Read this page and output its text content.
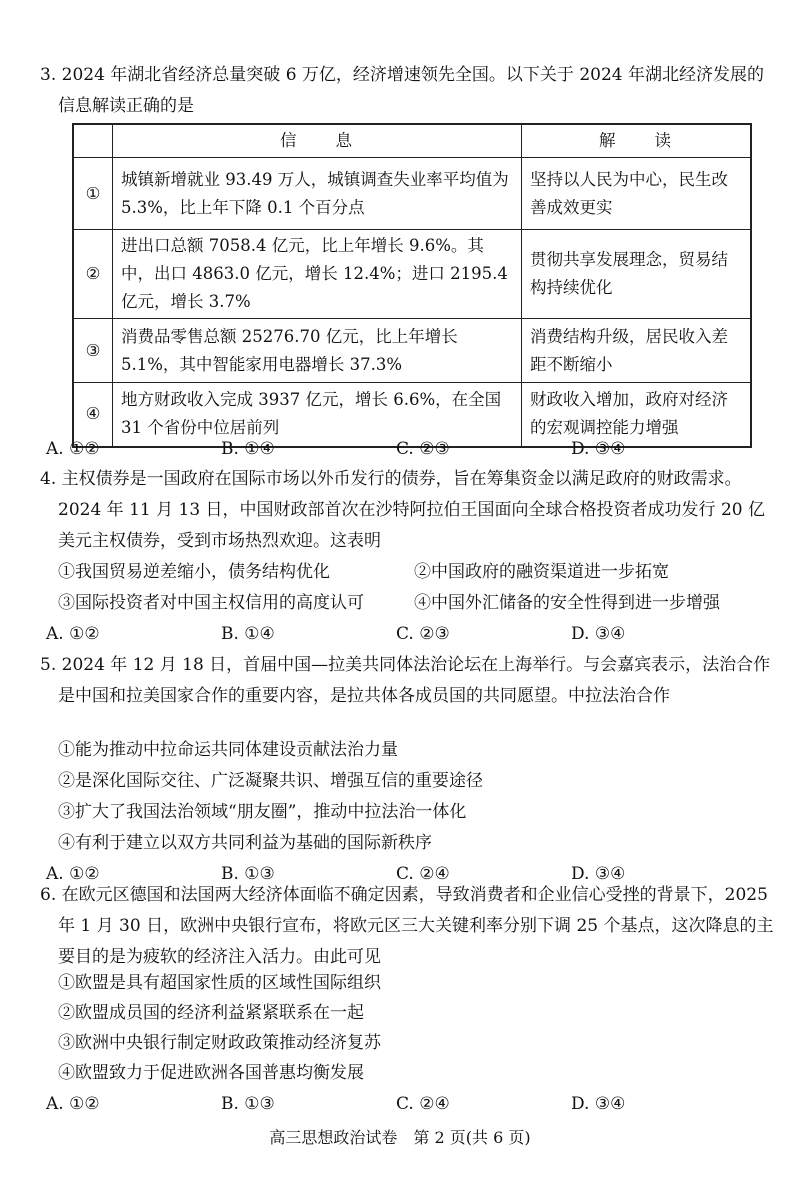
3. 2024 年湖北省经济总量突破 6 万亿，经济增速领先全国。以下关于 2024 年湖北经济发展的信息解读正确的是
	信　　息	解　　读
①	城镇新增就业 93.49 万人，城镇调查失业率平均值为 5.3%，比上年下降 0.1 个百分点	坚持以人民为中心，民生改善成效更实
②	进出口总额 7058.4 亿元，比上年增长 9.6%。其中，出口 4863.0 亿元，增长 12.4%；进口 2195.4 亿元，增长 3.7%	贯彻共享发展理念，贸易结构持续优化
③	消费品零售总额 25276.70 亿元，比上年增长 5.1%，其中智能家用电器增长 37.3%	消费结构升级，居民收入差距不断缩小
④	地方财政收入完成 3937 亿元，增长 6.6%，在全国 31 个省份中位居前列	财政收入增加，政府对经济的宏观调控能力增强
A. ①②	B. ①④	C. ②③	D. ③④
4. 主权债券是一国政府在国际市场以外币发行的债券，旨在筹集资金以满足政府的财政需求。2024 年 11 月 13 日，中国财政部首次在沙特阿拉伯王国面向全球合格投资者成功发行 20 亿美元主权债券，受到市场热烈欢迎。这表明
①我国贸易逆差缩小，债务结构优化	②中国政府的融资渠道进一步拓宽
③国际投资者对中国主权信用的高度认可	④中国外汇储备的安全性得到进一步增强
A. ①②	B. ①④	C. ②③	D. ③④
5. 2024 年 12 月 18 日，首届中国—拉美共同体法治论坛在上海举行。与会嘉宾表示，法治合作是中国和拉美国家合作的重要内容，是拉共体各成员国的共同愿望。中拉法治合作
①能为推动中拉命运共同体建设贡献法治力量
②是深化国际交往、广泛凝聚共识、增强互信的重要途径
③扩大了我国法治领域“朋友圈”，推动中拉法治一体化
④有利于建立以双方共同利益为基础的国际新秩序
A. ①②	B. ①③	C. ②④	D. ③④
6. 在欧元区德国和法国两大经济体面临不确定因素，导致消费者和企业信心受挫的背景下，2025 年 1 月 30 日，欧洲中央银行宣布，将欧元区三大关键利率分别下调 25 个基点，这次降息的主要目的是为疲软的经济注入活力。由此可见
①欧盟是具有超国家性质的区域性国际组织
②欧盟成员国的经济利益紧紧联系在一起
③欧洲中央银行制定财政政策推动经济复苏
④欧盟致力于促进欧洲各国普惠均衡发展
A. ①②	B. ①③	C. ②④	D. ③④
高三思想政治试卷　第 2 页(共 6 页)
